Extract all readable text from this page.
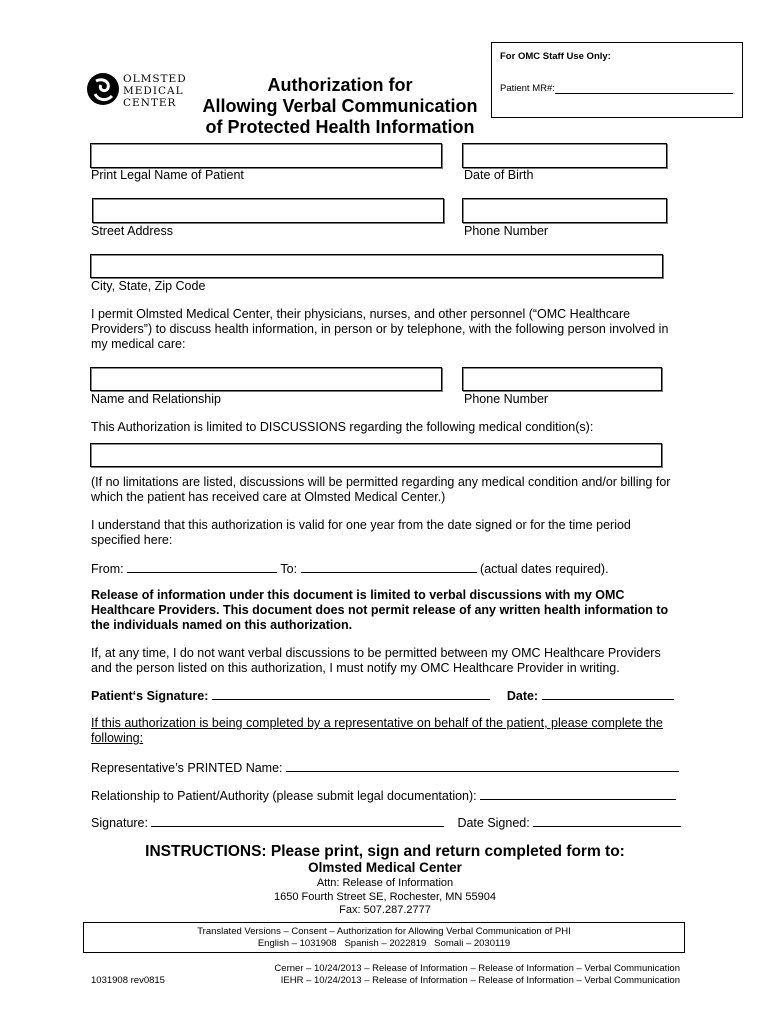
For OMC Staff Use Only:
Patient MR#:
OLMSTED
MEDICAL
CENTER
Authorization for
Allowing Verbal Communication
of Protected Health Information
Print Legal Name of Patient	Date of Birth
Street Address	Phone Number
City, State, Zip Code
I permit Olmsted Medical Center, their physicians, nurses, and other personnel (“OMC Healthcare
Providers”) to discuss health information, in person or by telephone, with the following person involved in
my medical care:
Name and Relationship	Phone Number
This Authorization is limited to DISCUSSIONS regarding the following medical condition(s):
(If no limitations are listed, discussions will be permitted regarding any medical condition and/or billing for
which the patient has received care at Olmsted Medical Center.)
I understand that this authorization is valid for one year from the date signed or for the time period
specified here:
From:	To:	(actual dates required).
Release of information under this document is limited to verbal discussions with my OMC
Healthcare Providers. This document does not permit release of any written health information to
the individuals named on this authorization.
If, at any time, I do not want verbal discussions to be permitted between my OMC Healthcare Providers
and the person listed on this authorization, I must notify my OMC Healthcare Provider in writing.
Patient‘s Signature:	Date:
If this authorization is being completed by a representative on behalf of the patient, please complete the
following:
Representative’s PRINTED Name:
Relationship to Patient/Authority (please submit legal documentation):
Signature:	Date Signed:
INSTRUCTIONS: Please print, sign and return completed form to:
Olmsted Medical Center
Attn: Release of Information
1650 Fourth Street SE, Rochester, MN 55904
Fax: 507.287.2777
Translated Versions – Consent – Authorization for Allowing Verbal Communication of PHI
English – 1031908   Spanish – 2022819   Somali – 2030119
1031908 rev0815
Cerner – 10/24/2013 – Release of Information – Release of Information – Verbal Communication
IEHR – 10/24/2013 – Release of Information – Release of Information – Verbal Communication
